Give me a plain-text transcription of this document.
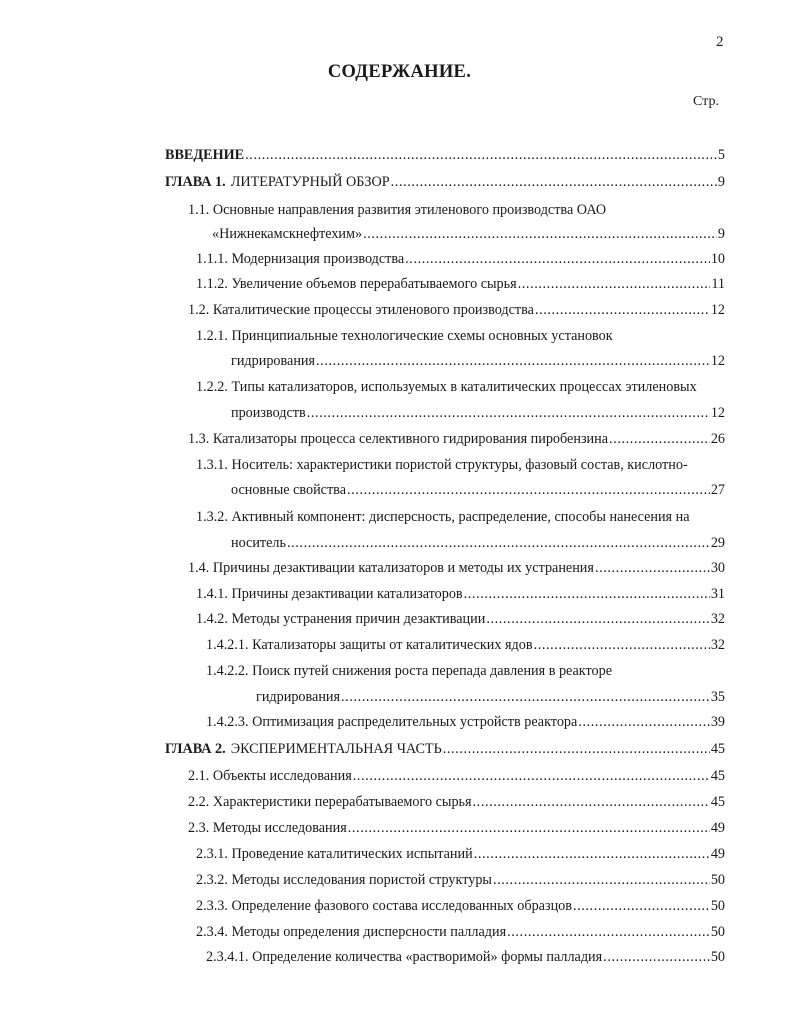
2
СОДЕРЖАНИЕ.
Стр.
ВВЕДЕНИЕ .....	5
ГЛАВА 1. ЛИТЕРАТУРНЫЙ ОБЗОР .....	9
1.1. Основные направления развития этиленового производства ОАО
«Нижнекамскнефтехим» .....	9
1.1.1. Модернизация производства .....	10
1.1.2. Увеличение объемов перерабатываемого сырья .....	11
1.2. Каталитические процессы этиленового производства .....	12
1.2.1. Принципиальные технологические схемы основных установок
гидрирования .....	12
1.2.2. Типы катализаторов, используемых в каталитических процессах этиленовых
производств .....	12
1.3. Катализаторы процесса селективного гидрирования пиробензина .....	26
1.3.1. Носитель: характеристики пористой структуры, фазовый состав, кислотно-
основные свойства .....	27
1.3.2. Активный компонент: дисперсность, распределение, способы нанесения на
носитель .....	29
1.4. Причины дезактивации катализаторов и методы их устранения .....	30
1.4.1. Причины дезактивации катализаторов .....	31
1.4.2. Методы устранения причин дезактивации .....	32
1.4.2.1. Катализаторы защиты от каталитических ядов .....	32
1.4.2.2. Поиск путей снижения роста перепада давления в реакторе
гидрирования .....	35
1.4.2.3. Оптимизация распределительных устройств реактора .....	39
ГЛАВА 2. ЭКСПЕРИМЕНТАЛЬНАЯ ЧАСТЬ .....	45
2.1. Объекты исследования .....	45
2.2. Характеристики перерабатываемого сырья .....	45
2.3. Методы исследования .....	49
2.3.1. Проведение каталитических испытаний .....	49
2.3.2. Методы исследования пористой структуры .....	50
2.3.3. Определение фазового состава исследованных образцов .....	50
2.3.4. Методы определения дисперсности палладия .....	50
2.3.4.1. Определение количества «растворимой» формы палладия .....	50
